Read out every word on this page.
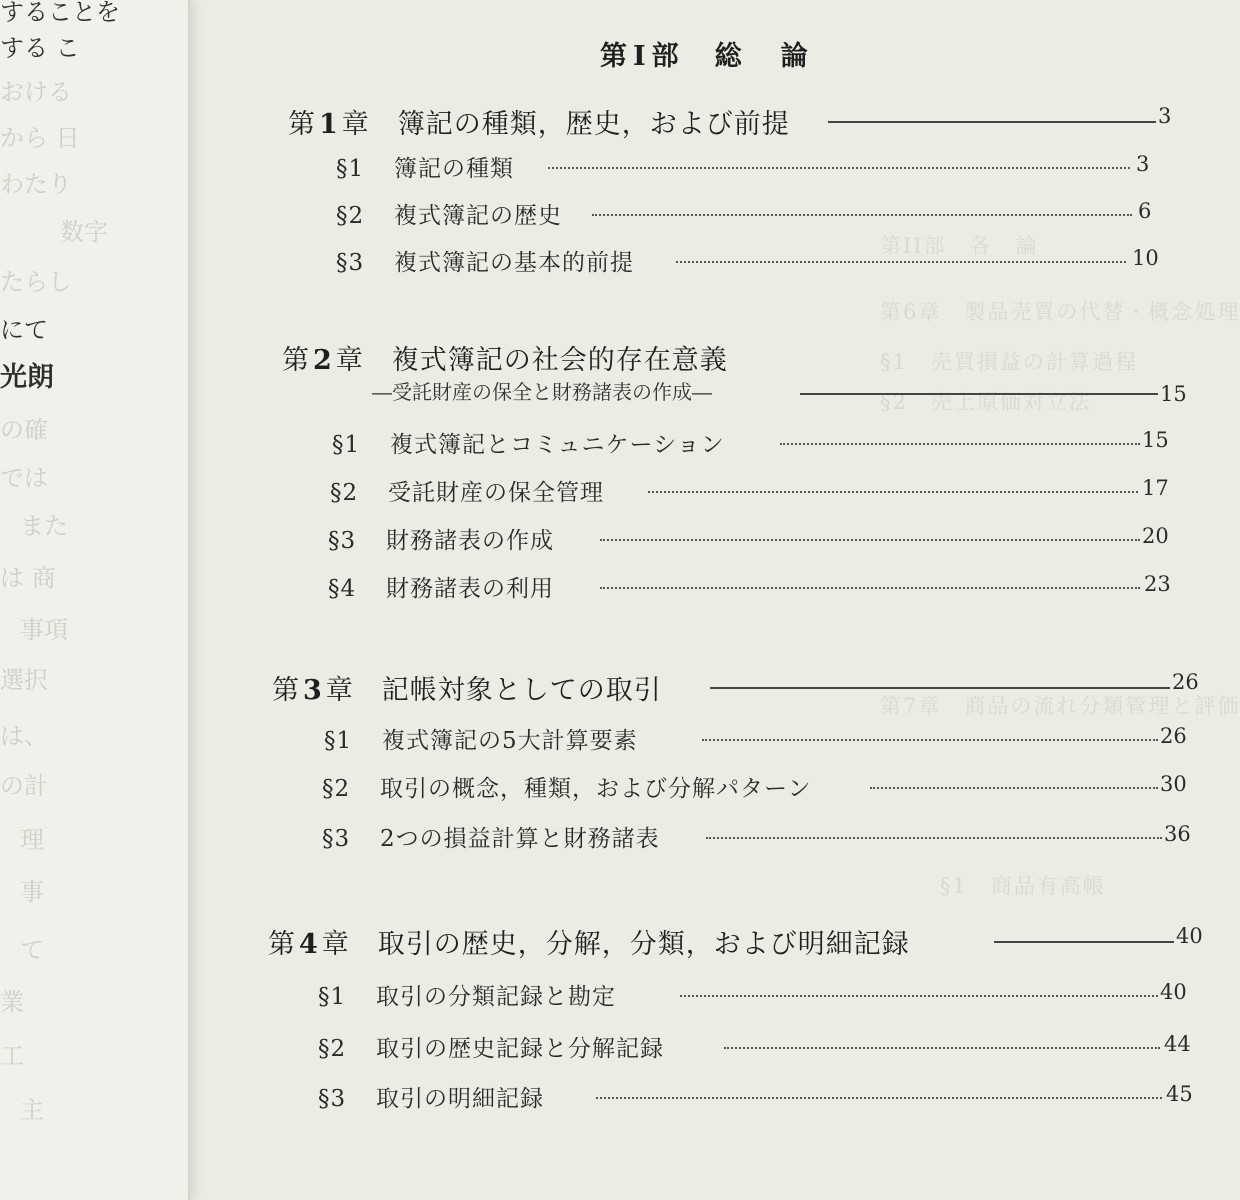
することを
する こ
おける
から 日
わたり
数字
たらし
にて
光朗
の確
では
また
は 商
事項
選択
は、
の計
理
事
て
業
工
主
第II部　各　論
第6章　製品売買の代替・概念処理
§1　売買損益の計算過程
§2　売上原価対立法
第7章　商品の流れ分類管理と評価
§1　商品有高帳
第I部 総　論
第 1 章 簿記の種類，歴史，および前提	3
§1 簿記の種類	3
§2 複式簿記の歴史	6
§3 複式簿記の基本的前提	10
第 2 章 複式簿記の社会的存在意義
―受託財産の保全と財務諸表の作成―	15
§1 複式簿記とコミュニケーション	15
§2 受託財産の保全管理	17
§3 財務諸表の作成	20
§4 財務諸表の利用	23
第 3 章 記帳対象としての取引	26
§1 複式簿記の5大計算要素	26
§2 取引の概念，種類，および分解パターン	30
§3 2つの損益計算と財務諸表	36
第 4 章 取引の歴史，分解，分類，および明細記録	40
§1 取引の分類記録と勘定	40
§2 取引の歴史記録と分解記録	44
§3 取引の明細記録	45
